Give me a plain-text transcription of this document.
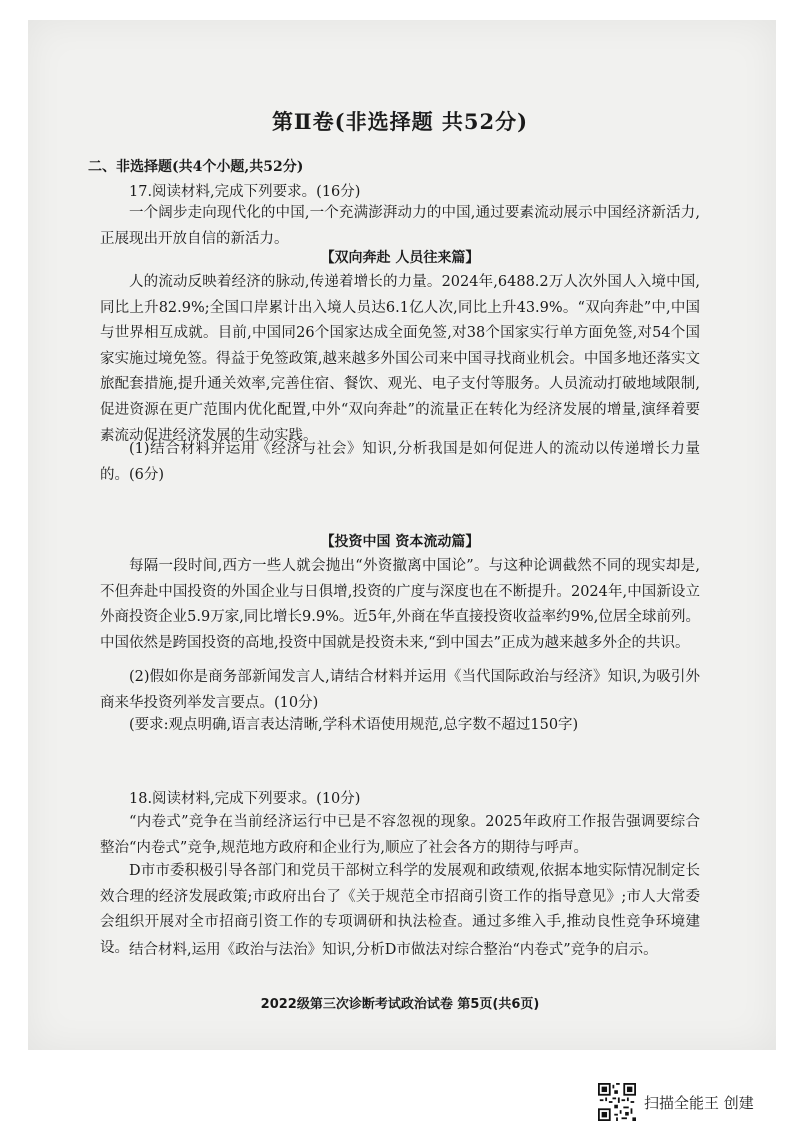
第Ⅱ卷(非选择题 共52分)
二、非选择题(共4个小题,共52分)

17.阅读材料,完成下列要求。(16分)

一个阔步走向现代化的中国,一个充满澎湃动力的中国,通过要素流动展示中国经济新活力,正展现出开放自信的新活力。

【双向奔赴 人员往来篇】

人的流动反映着经济的脉动,传递着增长的力量。2024年,6488.2万人次外国人入境中国,同比上升82.9%;全国口岸累计出入境人员达6.1亿人次,同比上升43.9%。“双向奔赴”中,中国与世界相互成就。目前,中国同26个国家达成全面免签,对38个国家实行单方面免签,对54个国家实施过境免签。得益于免签政策,越来越多外国公司来中国寻找商业机会。中国多地还落实文旅配套措施,提升通关效率,完善住宿、餐饮、观光、电子支付等服务。人员流动打破地域限制,促进资源在更广范围内优化配置,中外“双向奔赴”的流量正在转化为经济发展的增量,演绎着要素流动促进经济发展的生动实践。

(1)结合材料并运用《经济与社会》知识,分析我国是如何促进人的流动以传递增长力量的。(6分)

【投资中国 资本流动篇】

每隔一段时间,西方一些人就会抛出“外资撤离中国论”。与这种论调截然不同的现实却是,不但奔赴中国投资的外国企业与日俱增,投资的广度与深度也在不断提升。2024年,中国新设立外商投资企业5.9万家,同比增长9.9%。近5年,外商在华直接投资收益率约9%,位居全球前列。中国依然是跨国投资的高地,投资中国就是投资未来,“到中国去”正成为越来越多外企的共识。

(2)假如你是商务部新闻发言人,请结合材料并运用《当代国际政治与经济》知识,为吸引外商来华投资列举发言要点。(10分)

(要求:观点明确,语言表达清晰,学科术语使用规范,总字数不超过150字)

18.阅读材料,完成下列要求。(10分)

“内卷式”竞争在当前经济运行中已是不容忽视的现象。2025年政府工作报告强调要综合整治“内卷式”竞争,规范地方政府和企业行为,顺应了社会各方的期待与呼声。

D市市委积极引导各部门和党员干部树立科学的发展观和政绩观,依据本地实际情况制定长效合理的经济发展政策;市政府出台了《关于规范全市招商引资工作的指导意见》;市人大常委会组织开展对全市招商引资工作的专项调研和执法检查。通过多维入手,推动良性竞争环境建设。 结合材料,运用《政治与法治》知识,分析D市做法对综合整治“内卷式”竞争的启示。

2022级第三次诊断考试政治试卷 第5页(共6页)
扫描全能王 创建
